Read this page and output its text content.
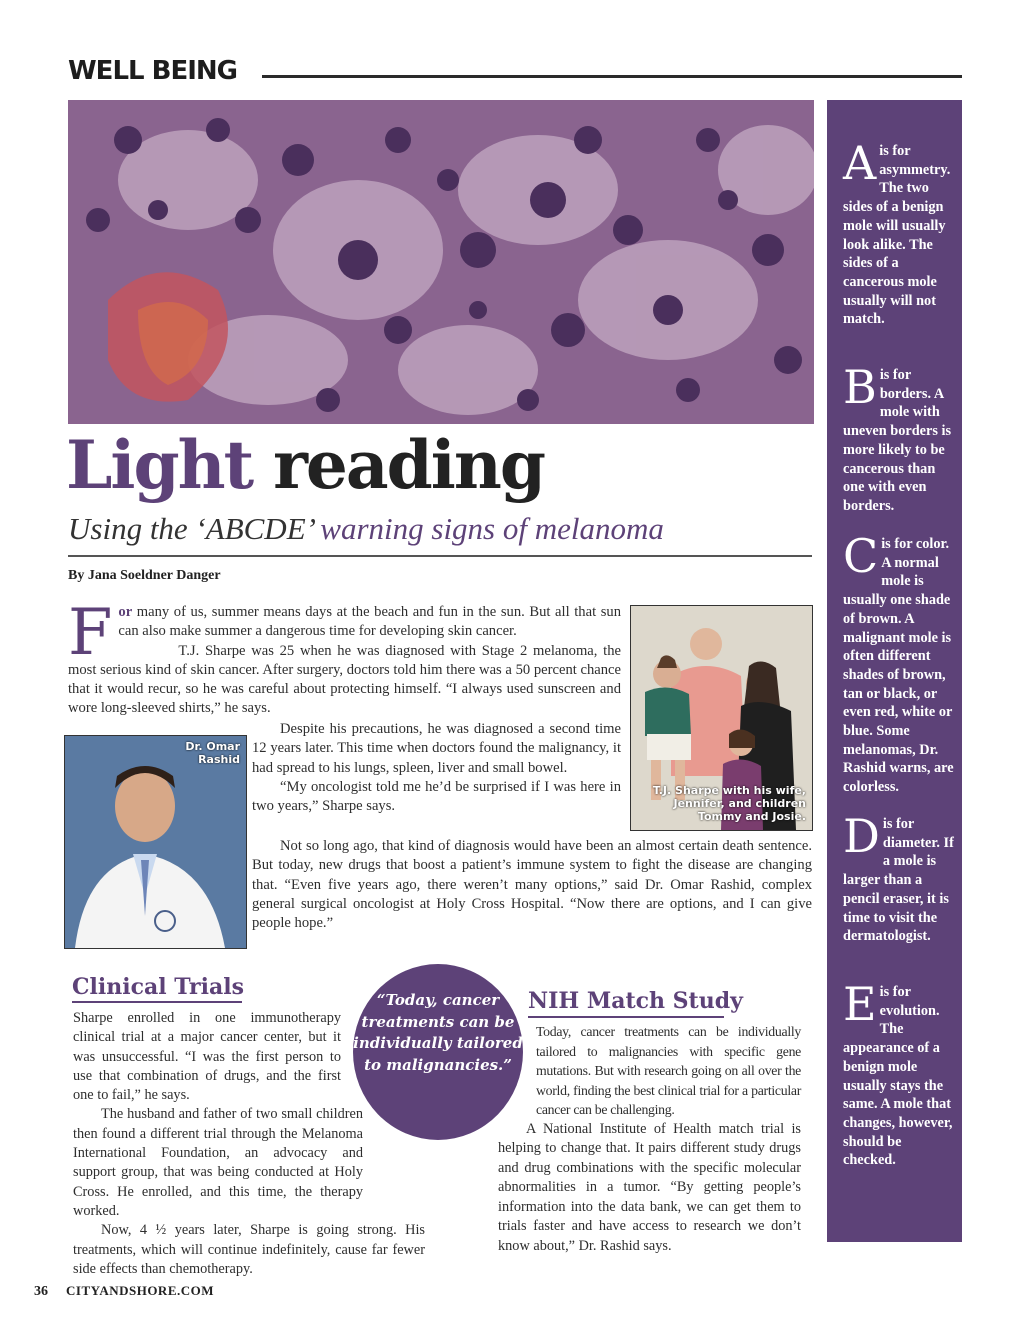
WELL BEING
Light reading
Using the ‘ABCDE’ warning signs of melanoma
By Jana Soeldner Danger

For many of us, summer means days at the beach and fun in the sun. But all that sun can also make summer a dangerous time for developing skin cancer.

T.J. Sharpe was 25 when he was diagnosed with Stage 2 melanoma, the most serious kind of skin cancer. After surgery, doctors told him there was a 50 percent chance that it would recur, so he was careful about protecting himself. “I always used sunscreen and wore long-sleeved shirts,” he says.

T.J. Sharpe with his wife,
Jennifer, and children
Tommy and Josie.
Dr. Omar
Rashid

Despite his precautions, he was diagnosed a second time 12 years later. This time when doctors found the malignancy, it had spread to his lungs, spleen, liver and small bowel.

“My oncologist told me he’d be surprised if I was here in two years,” Sharpe says.

Not so long ago, that kind of diagnosis would have been an almost certain death sentence. But today, new drugs that boost a patient’s immune system to fight the disease are changing that. “Even five years ago, there weren’t many options,” said Dr. Omar Rashid, complex general surgical oncologist at Holy Cross Hospital. “Now there are options, and I can give people hope.”

Clinical Trials

Sharpe enrolled in one immunotherapy clinical trial at a major cancer center, but it was unsuccessful. “I was the first person to use that combination of drugs, and the first one to fail,” he says.

The husband and father of two small children then found a different trial through the Melanoma International Foundation, an advocacy and support group, that was being conducted at Holy Cross. He enrolled, and this time, the therapy worked.

Now, 4 ½ years later, Sharpe is going strong. His treatments, which will continue indefinitely, cause far fewer side effects than chemotherapy.

“Today, cancer treatments can be individually tailored to malignancies.”
NIH Match Study

Today, cancer treatments can be individually tailored to malignancies with specific gene mutations. But with research going on all over the world, finding the best clinical trial for a particular cancer can be challenging.

A National Institute of Health match trial is helping to change that. It pairs different study drugs and drug combinations with the specific molecular abnormalities in a tumor. “By getting people’s information into the data bank, we can get them to trials faster and have access to research we don’t know about,” Dr. Rashid says.

Ais for asymmetry. The two sides of a benign mole will usually look alike. The sides of a cancerous mole usually will not match.
Bis for borders. A mole with uneven borders is more likely to be cancerous than one with even borders.
Cis for color. A normal mole is usually one shade of brown. A malignant mole is often different shades of brown, tan or black, or even red, white or blue. Some melanomas, Dr. Rashid warns, are colorless.
Dis for diameter. If a mole is larger than a pencil eraser, it is time to visit the dermatologist.
Eis for evolution. The appearance of a benign mole usually stays the same. A mole that changes, however, should be checked.
36 CITYANDSHORE.COM
